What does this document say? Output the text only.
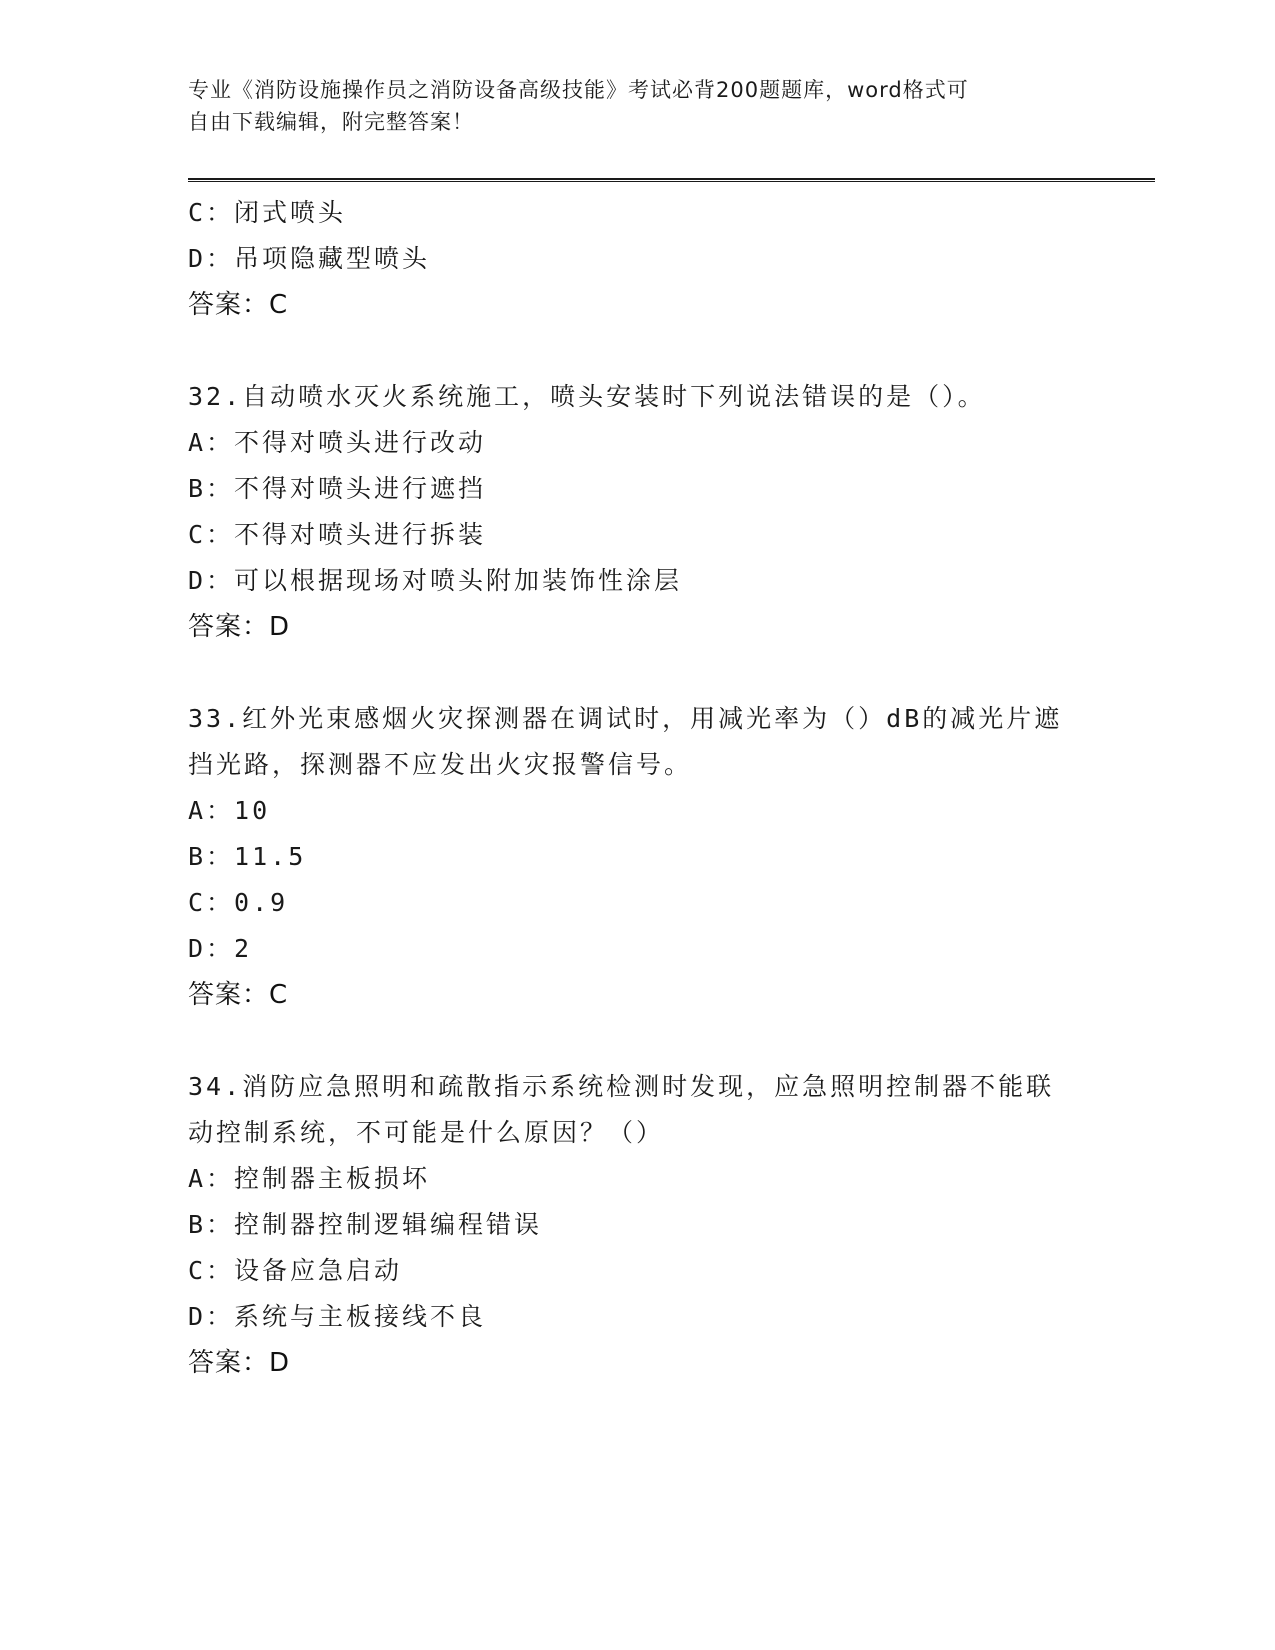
专业《消防设施操作员之消防设备高级技能》考试必背200题题库，word格式可
自由下载编辑，附完整答案！

C：闭式喷头

D：吊项隐藏型喷头

答案：C

32.自动喷水灭火系统施工，喷头安装时下列说法错误的是（）。

A：不得对喷头进行改动

B：不得对喷头进行遮挡

C：不得对喷头进行拆装

D：可以根据现场对喷头附加装饰性涂层

答案：D

33.红外光束感烟火灾探测器在调试时，用减光率为（）dB的减光片遮挡光路，探测器不应发出火灾报警信号。

A：10

B：11.5

C：0.9

D：2

答案：C

34.消防应急照明和疏散指示系统检测时发现，应急照明控制器不能联动控制系统，不可能是什么原因？（）

A：控制器主板损坏

B：控制器控制逻辑编程错误

C：设备应急启动

D：系统与主板接线不良

答案：D
